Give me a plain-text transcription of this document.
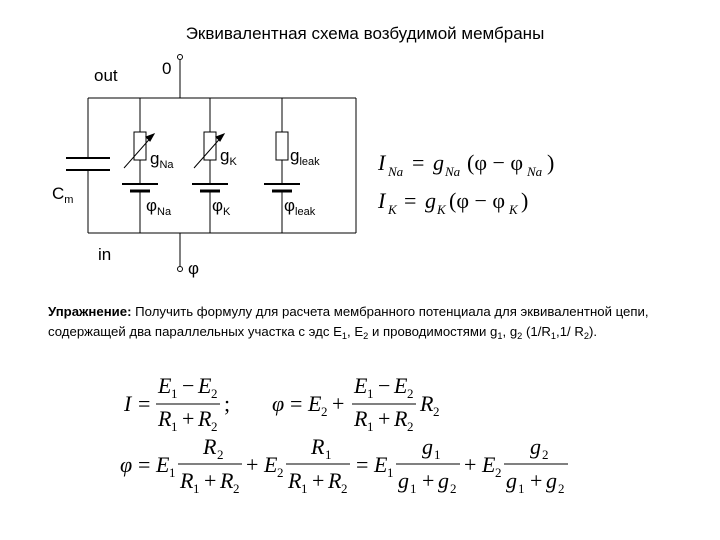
Эквивалентная схема возбудимой мембраны
out
in
0
φ
$C_m$
$g_{Na}$	$g_K$	$g_{leak}$
$\varphi_{Na}$ $\varphi_K$	$\varphi_{leak}$
I Na = g Na (φ − φ Na )
I K = g K (φ − φ K )
I =
E 1 − E 2
R 1 + R 2
; φ = E 2 +
E 1 − E 2
R 1 + R 2
R 2
φ = E 1
R 2
R 1 + R 2
+ E 2
R 1
R 1 + R 2
= E 1
g 1
g 1 + g 2
+ E 2
g 2
g 1 + g 2
Упражнение: Получить формулу для расчета мембранного потенциала для эквивалентной цепи, содержащей два параллельных участка с эдс $E_1$, $E_2$ и проводимостями $g_1$, $g_2$ ($1/R_1,1/$ $R_2$).
